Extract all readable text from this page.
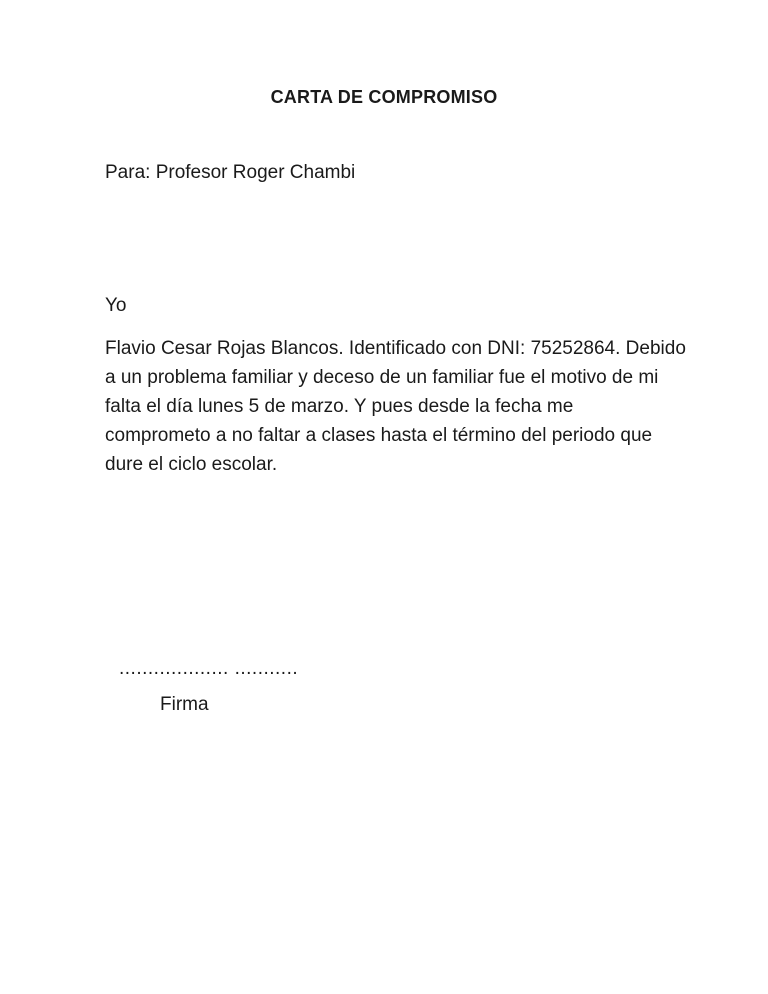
CARTA DE COMPROMISO

Para: Profesor Roger Chambi

Yo

Flavio Cesar Rojas Blancos. Identificado con DNI: 75252864. Debido
a un problema familiar y deceso de un familiar fue el motivo de mi
falta el día lunes 5 de marzo. Y pues desde la fecha me
comprometo a no faltar a clases hasta el término del periodo que
dure el ciclo escolar.

................... ...........

Firma
